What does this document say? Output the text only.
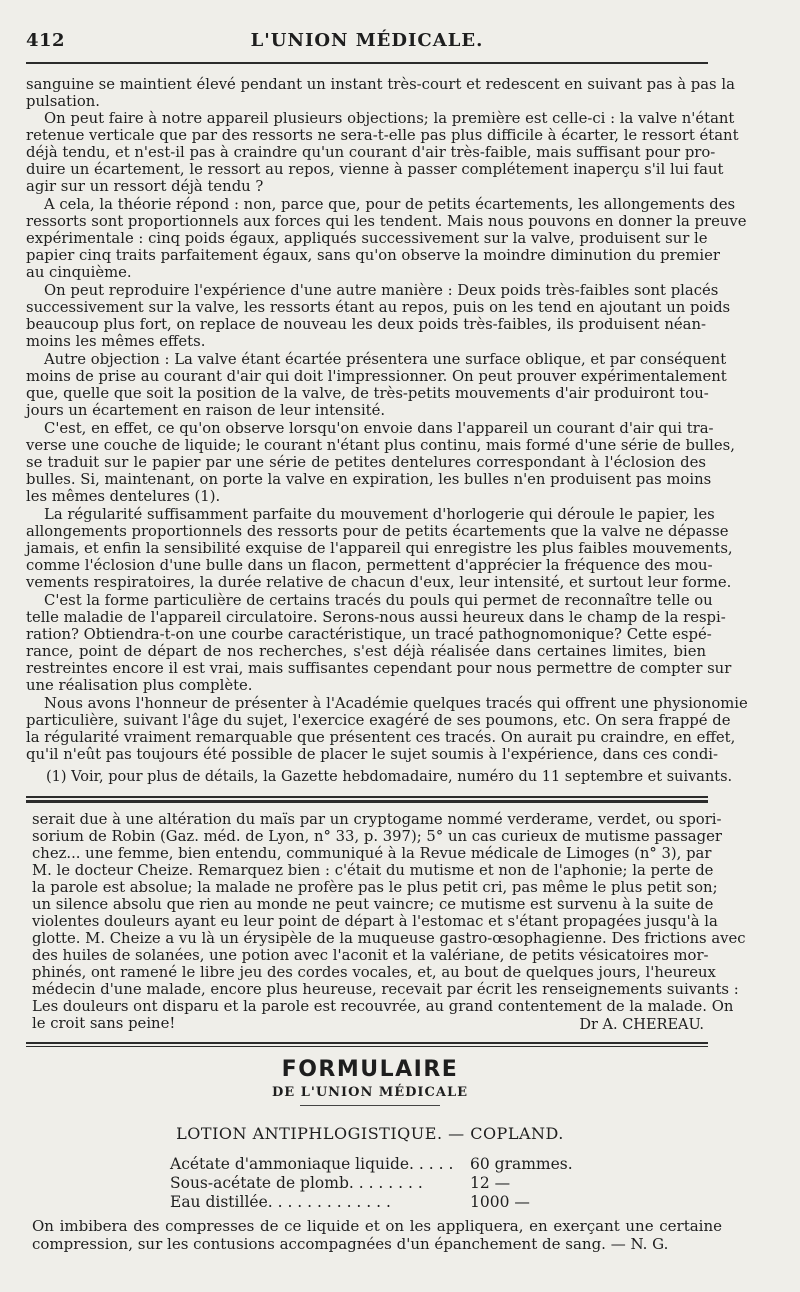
412	L'UNION MÉDICALE.
sanguine se maintient élevé pendant un instant très-court et redescent en suivant pas à pas la
pulsation.
On peut faire à notre appareil plusieurs objections; la première est celle-ci : la valve n'étant
retenue verticale que par des ressorts ne sera-t-elle pas plus difficile à écarter, le ressort étant
déjà tendu, et n'est-il pas à craindre qu'un courant d'air très-faible, mais suffisant pour pro-
duire un écartement, le ressort au repos, vienne à passer complétement inaperçu s'il lui faut
agir sur un ressort déjà tendu ?
A cela, la théorie répond : non, parce que, pour de petits écartements, les allongements des
ressorts sont proportionnels aux forces qui les tendent. Mais nous pouvons en donner la preuve
expérimentale : cinq poids égaux, appliqués successivement sur la valve, produisent sur le
papier cinq traits parfaitement égaux, sans qu'on observe la moindre diminution du premier
au cinquième.
On peut reproduire l'expérience d'une autre manière : Deux poids très-faibles sont placés
successivement sur la valve, les ressorts étant au repos, puis on les tend en ajoutant un poids
beaucoup plus fort, on replace de nouveau les deux poids très-faibles, ils produisent néan-
moins les mêmes effets.
Autre objection : La valve étant écartée présentera une surface oblique, et par conséquent
moins de prise au courant d'air qui doit l'impressionner. On peut prouver expérimentalement
que, quelle que soit la position de la valve, de très-petits mouvements d'air produiront tou-
jours un écartement en raison de leur intensité.
C'est, en effet, ce qu'on observe lorsqu'on envoie dans l'appareil un courant d'air qui tra-
verse une couche de liquide; le courant n'étant plus continu, mais formé d'une série de bulles,
se traduit sur le papier par une série de petites dentelures correspondant à l'éclosion des
bulles. Si, maintenant, on porte la valve en expiration, les bulles n'en produisent pas moins
les mêmes dentelures (1).
La régularité suffisamment parfaite du mouvement d'horlogerie qui déroule le papier, les
allongements proportionnels des ressorts pour de petits écartements que la valve ne dépasse
jamais, et enfin la sensibilité exquise de l'appareil qui enregistre les plus faibles mouvements,
comme l'éclosion d'une bulle dans un flacon, permettent d'apprécier la fréquence des mou-
vements respiratoires, la durée relative de chacun d'eux, leur intensité, et surtout leur forme.
C'est la forme particulière de certains tracés du pouls qui permet de reconnaître telle ou
telle maladie de l'appareil circulatoire. Serons-nous aussi heureux dans le champ de la respi-
ration? Obtiendra-t-on une courbe caractéristique, un tracé pathognomonique? Cette espé-
rance, point de départ de nos recherches, s'est déjà réalisée dans certaines limites, bien
restreintes encore il est vrai, mais suffisantes cependant pour nous permettre de compter sur
une réalisation plus complète.
Nous avons l'honneur de présenter à l'Académie quelques tracés qui offrent une physionomie
particulière, suivant l'âge du sujet, l'exercice exagéré de ses poumons, etc. On sera frappé de
la régularité vraiment remarquable que présentent ces tracés. On aurait pu craindre, en effet,
qu'il n'eût pas toujours été possible de placer le sujet soumis à l'expérience, dans ces condi-
(1) Voir, pour plus de détails, la Gazette hebdomadaire, numéro du 11 septembre et suivants.
serait due à une altération du maïs par un cryptogame nommé verderame, verdet, ou spori-
sorium de Robin (Gaz. méd. de Lyon, n° 33, p. 397); 5° un cas curieux de mutisme passager
chez... une femme, bien entendu, communiqué à la Revue médicale de Limoges (n° 3), par
M. le docteur Cheize. Remarquez bien : c'était du mutisme et non de l'aphonie; la perte de
la parole est absolue; la malade ne profère pas le plus petit cri, pas même le plus petit son;
un silence absolu que rien au monde ne peut vaincre; ce mutisme est survenu à la suite de
violentes douleurs ayant eu leur point de départ à l'estomac et s'étant propagées jusqu'à la
glotte. M. Cheize a vu là un érysipèle de la muqueuse gastro-œsophagienne. Des frictions avec
des huiles de solanées, une potion avec l'aconit et la valériane, de petits vésicatoires mor-
phinés, ont ramené le libre jeu des cordes vocales, et, au bout de quelques jours, l'heureux
médecin d'une malade, encore plus heureuse, recevait par écrit les renseignements suivants :
Les douleurs ont disparu et la parole est recouvrée, au grand contentement de la malade. On
le croit sans peine!	Dr A. CHEREAU.
FORMULAIRE
DE L'UNION MÉDICALE
LOTION ANTIPHLOGISTIQUE. — COPLAND.
Acétate d'ammoniaque liquide. . . . . 60 grammes.
Sous-acétate de plomb. . . . . . . .	12 —
Eau distillée. . . . . . . . . . . . .	1000 —
On imbibera des compresses de ce liquide et on les appliquera, en exerçant une certaine
compression, sur les contusions accompagnées d'un épanchement de sang. — N. G.
